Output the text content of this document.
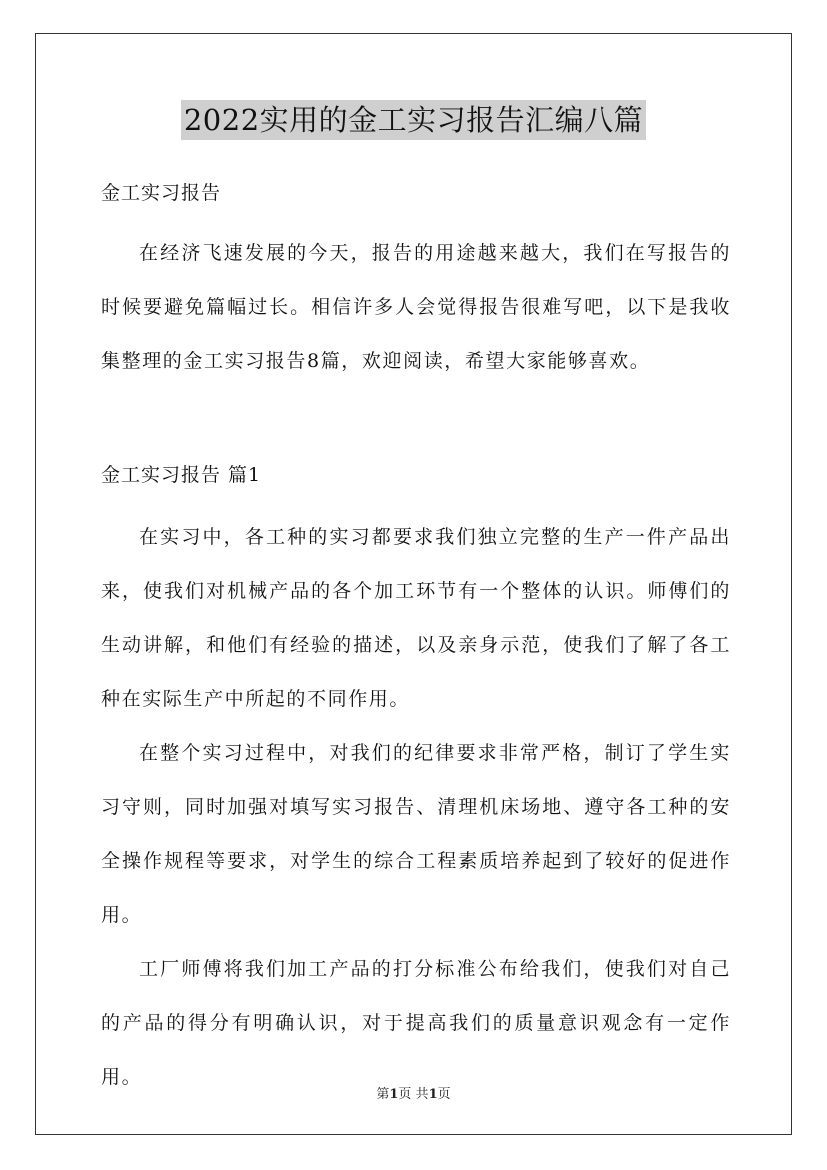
2022实用的金工实习报告汇编八篇

金工实习报告

在经济飞速发展的今天，报告的用途越来越大，我们在写报告的时候要避免篇幅过长。相信许多人会觉得报告很难写吧，以下是我收集整理的金工实习报告8篇，欢迎阅读，希望大家能够喜欢。

金工实习报告 篇1

在实习中，各工种的实习都要求我们独立完整的生产一件产品出来，使我们对机械产品的各个加工环节有一个整体的认识。师傅们的生动讲解，和他们有经验的描述，以及亲身示范，使我们了解了各工种在实际生产中所起的不同作用。

在整个实习过程中，对我们的纪律要求非常严格，制订了学生实习守则，同时加强对填写实习报告、清理机床场地、遵守各工种的安全操作规程等要求，对学生的综合工程素质培养起到了较好的促进作用。

工厂师傅将我们加工产品的打分标准公布给我们，使我们对自己的产品的得分有明确认识，对于提高我们的质量意识观念有一定作用。

第1页 共1页
